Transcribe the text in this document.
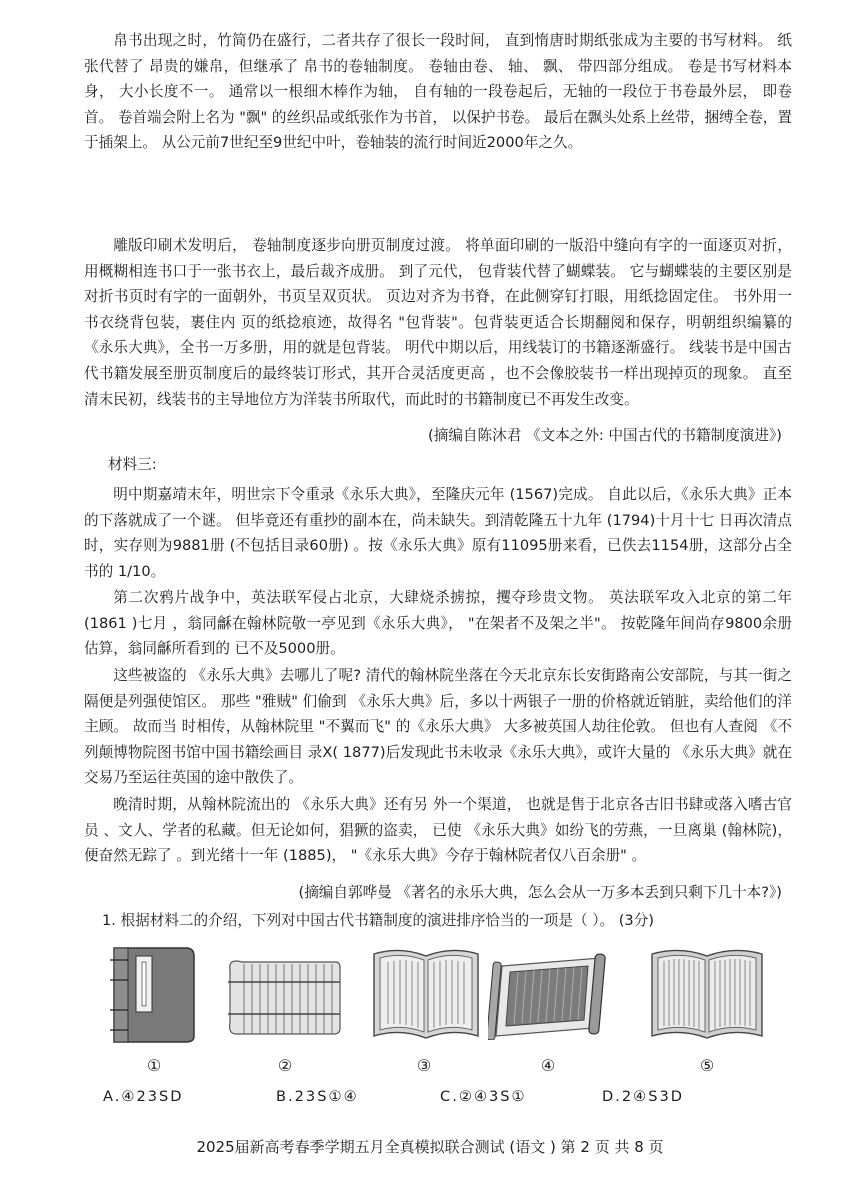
帛书出现之时，竹简仍在盛行，二者共存了很长一段时间， 直到惰唐时期纸张成为主要的书写材料。 纸张代替了 昂贵的嫌帛，但继承了 帛书的卷轴制度。 卷轴由卷、 轴、 飘、 带四部分组成。 卷是书写材料本身， 大小长度不一。 通常以一根细木棒作为轴， 自有轴的一段卷起后，无轴的一段位于书卷最外层， 即卷首。 卷首端会附上名为 "飘" 的丝织品或纸张作为书首， 以保护书卷。 最后在飘头处系上丝带，捆缚全卷，置于插架上。 从公元前7世纪至9世纪中叶，卷轴装的流行时间近2000年之久。

雕版印刷术发明后， 卷轴制度逐步向册页制度过渡。 将单面印刷的一版沿中缝向有字的一面逐页对折，用概糊相连书口于一张书衣上，最后裁齐成册。 到了元代， 包背装代替了蝴蝶装。 它与蝴蝶装的主要区别是对折书页时有字的一面朝外，书页呈双页状。 页边对齐为书脊，在此侧穿钉打眼，用纸捻固定住。 书外用一书衣绕背包装，裹住内 页的纸捻痕迹，故得名 "包背装"。包背装更适合长期翻阅和保存，明朝组织编纂的《永乐大典》，全书一万多册，用的就是包背装。 明代中期以后，用线装订的书籍逐渐盛行。 线装书是中国古代书籍发展至册页制度后的最终装订形式，其开合灵活度更高 ，也不会像胶装书一样出现掉页的现象。 直至清末民初，线装书的主导地位方为洋装书所取代，而此时的书籍制度已不再发生改变。

(摘编自陈沐君 《文本之外: 中国古代的书籍制度演进》)

材料三:

明中期嘉靖末年，明世宗下令重录《永乐大典》，至隆庆元年 (1567)完成。 自此以后，《永乐大典》正本的下落就成了一个谜。 但毕竟还有重抄的副本在，尚未缺失。到清乾隆五十九年 (1794)十月十七 日再次清点时，实存则为9881册 (不包括目录60册) 。按《永乐大典》原有11095册来看，已佚去1154册，这部分占全书的 1/10。

第二次鸦片战争中，英法联军侵占北京，大肆烧杀掳掠，攫夺珍贵文物。 英法联军攻入北京的第二年 (1861 )七月 ，翁同龢在翰林院敬一亭见到《永乐大典》， "在架者不及架之半"。 按乾隆年间尚存9800余册估算，翁同龢所看到的 已不及5000册。

这些被盗的 《永乐大典》去哪儿了呢? 清代的翰林院坐落在今天北京东长安街路南公安部院，与其一街之隔便是列强使馆区。 那些 "雅贼" 们偷到 《永乐大典》后，多以十两银子一册的价格就近销脏，卖给他们的洋主顾。 故而当 时相传，从翰林院里 "不翼而飞" 的《永乐大典》 大多被英国人劫往伦敦。 但也有人查阅 《不列颠博物院图书馆中国书籍绘画目 录X( 1877)后发现此书未收录《永乐大典》，或许大量的 《永乐大典》就在交易乃至运往英国的途中散佚了。

晚清时期，从翰林院流出的 《永乐大典》还有另 外一个渠道， 也就是售于北京各古旧书肆或落入嗜古官员 、文人、学者的私藏。但无论如何，猖獗的盗卖， 已使 《永乐大典》如纷飞的劳燕，一旦离巢 (翰林院)，便奋然无踪了 。到光绪十一年 (1885)， "《永乐大典》今存于翰林院者仅八百余册" 。

(摘编自郭哗曼 《著名的永乐大典，怎么会从一万多本丢到只剩下几十本?》)

1. 根据材料二的介绍，下列对中国古代书籍制度的演进排序恰当的一项是（ ）。 (3分)

①	②	③	④	⑤
A.④23SD	B.23S①④	C.②④3S①	D.2④S3D
2025届新高考春季学期五月全真模拟联合测试 (语文 ) 第 2 页 共 8 页
